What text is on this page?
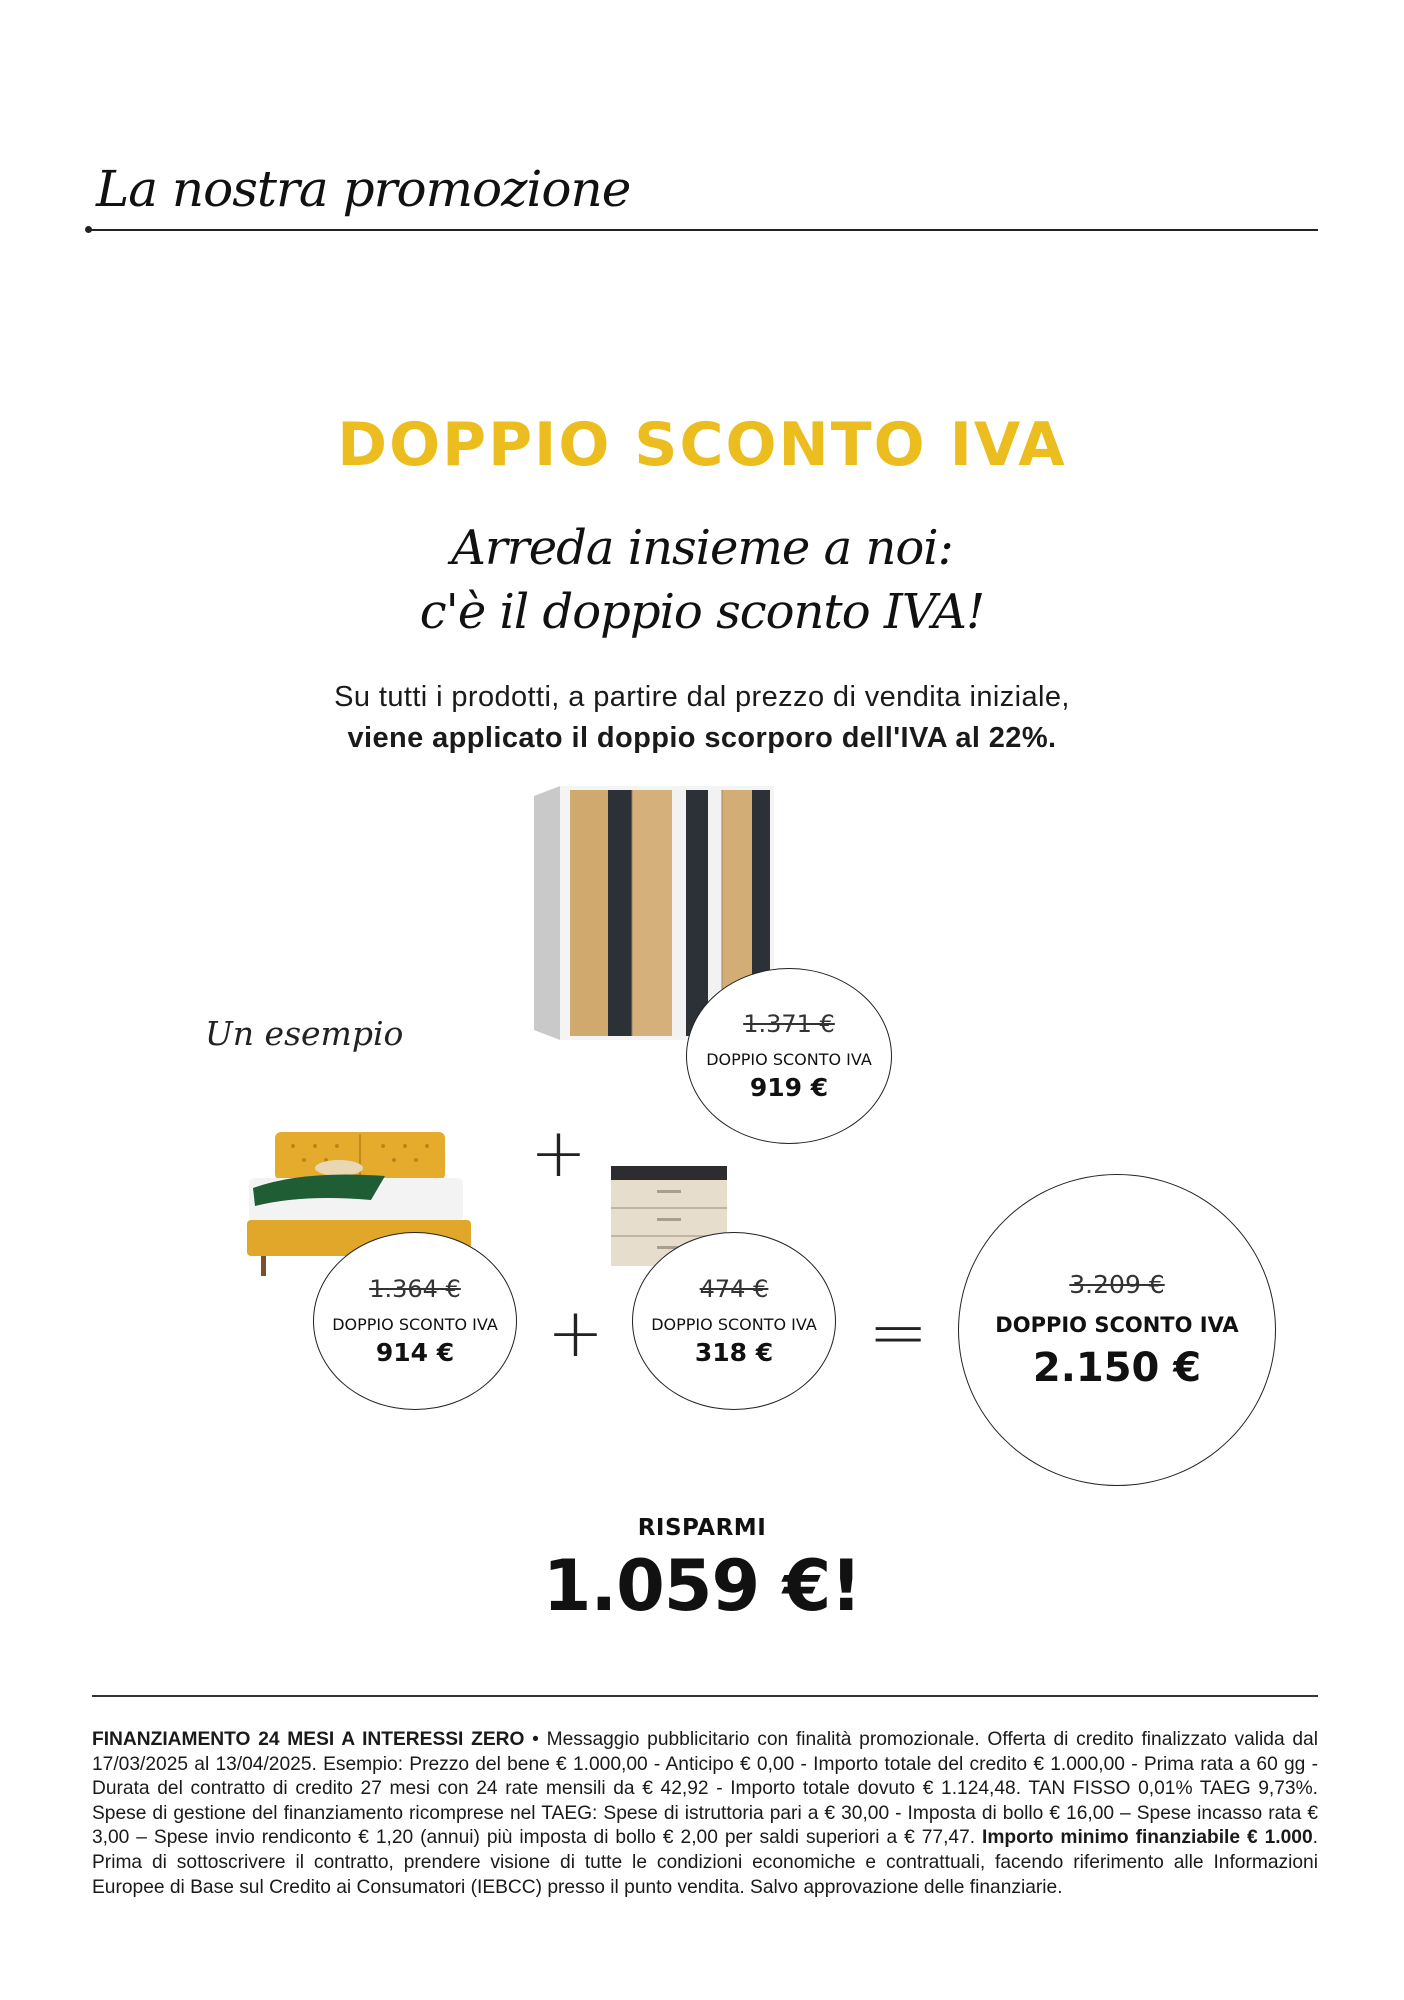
La nostra promozione
DOPPIO SCONTO IVA
Arreda insieme a noi:
c'è il doppio sconto IVA!
Su tutti i prodotti, a partire dal prezzo di vendita iniziale,
viene applicato il doppio scorporo dell'IVA al 22%.
Un esempio	1.371 €
DOPPIO SCONTO IVA
919 €
+
1.364 €
DOPPIO SCONTO IVA
914 € +
474 €
DOPPIO SCONTO IVA
318 € =
3.209 €
DOPPIO SCONTO IVA
2.150 €
RISPARMI
1.059 €!

FINANZIAMENTO 24 MESI A INTERESSI ZERO • Messaggio pubblicitario con finalità promozionale. Offerta di credito finalizzato valida dal 17/03/2025 al 13/04/2025. Esempio: Prezzo del bene € 1.000,00 - Anticipo € 0,00 - Importo totale del credito € 1.000,00 - Prima rata a 60 gg - Durata del contratto di credito 27 mesi con 24 rate mensili da € 42,92 - Importo totale dovuto € 1.124,48. TAN FISSO 0,01% TAEG 9,73%. Spese di gestione del finanziamento ricomprese nel TAEG: Spese di istruttoria pari a € 30,00 - Imposta di bollo € 16,00 – Spese incasso rata € 3,00 – Spese invio rendiconto € 1,20 (annui) più imposta di bollo € 2,00 per saldi superiori a € 77,47. Importo minimo finanziabile € 1.000. Prima di sottoscrivere il contratto, prendere visione di tutte le condizioni economiche e contrattuali, facendo riferimento alle Informazioni Europee di Base sul Credito ai Consumatori (IEBCC) presso il punto vendita. Salvo approvazione delle finanziarie.
